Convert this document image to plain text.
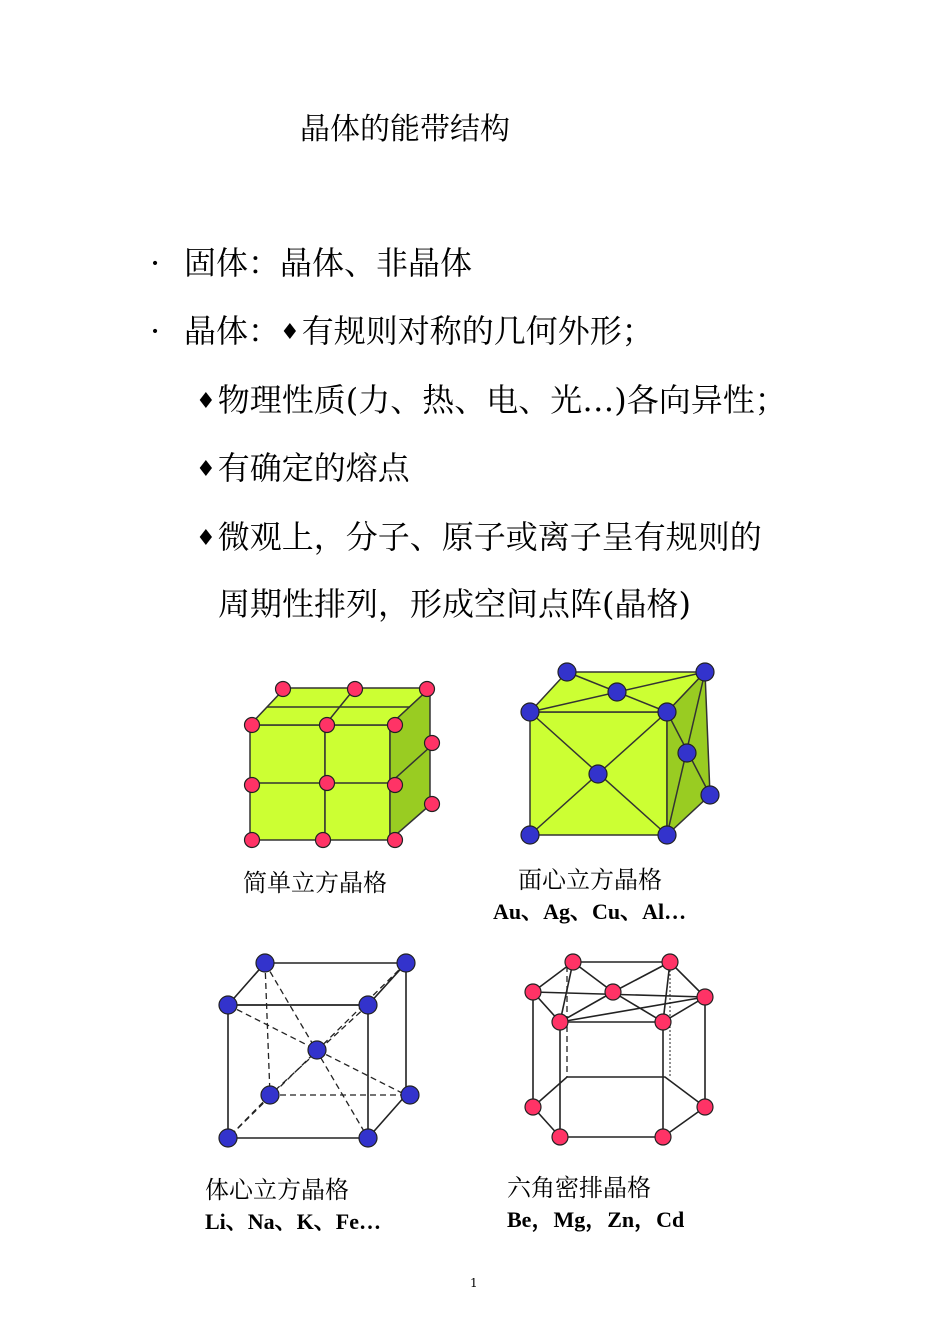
晶体的能带结构
· 固体：晶体、非晶体
· 晶体：♦有规则对称的几何外形；
♦物理性质(力、热、电、光…)各向异性；
♦有确定的熔点
♦微观上，分子、原子或离子呈有规则的
周期性排列，形成空间点阵(晶格)
简单立方晶格	面心立方晶格
Au、Ag、Cu、Al…
体心立方晶格
Li、Na、K、Fe…
六角密排晶格
Be，Mg，Zn，Cd
1
